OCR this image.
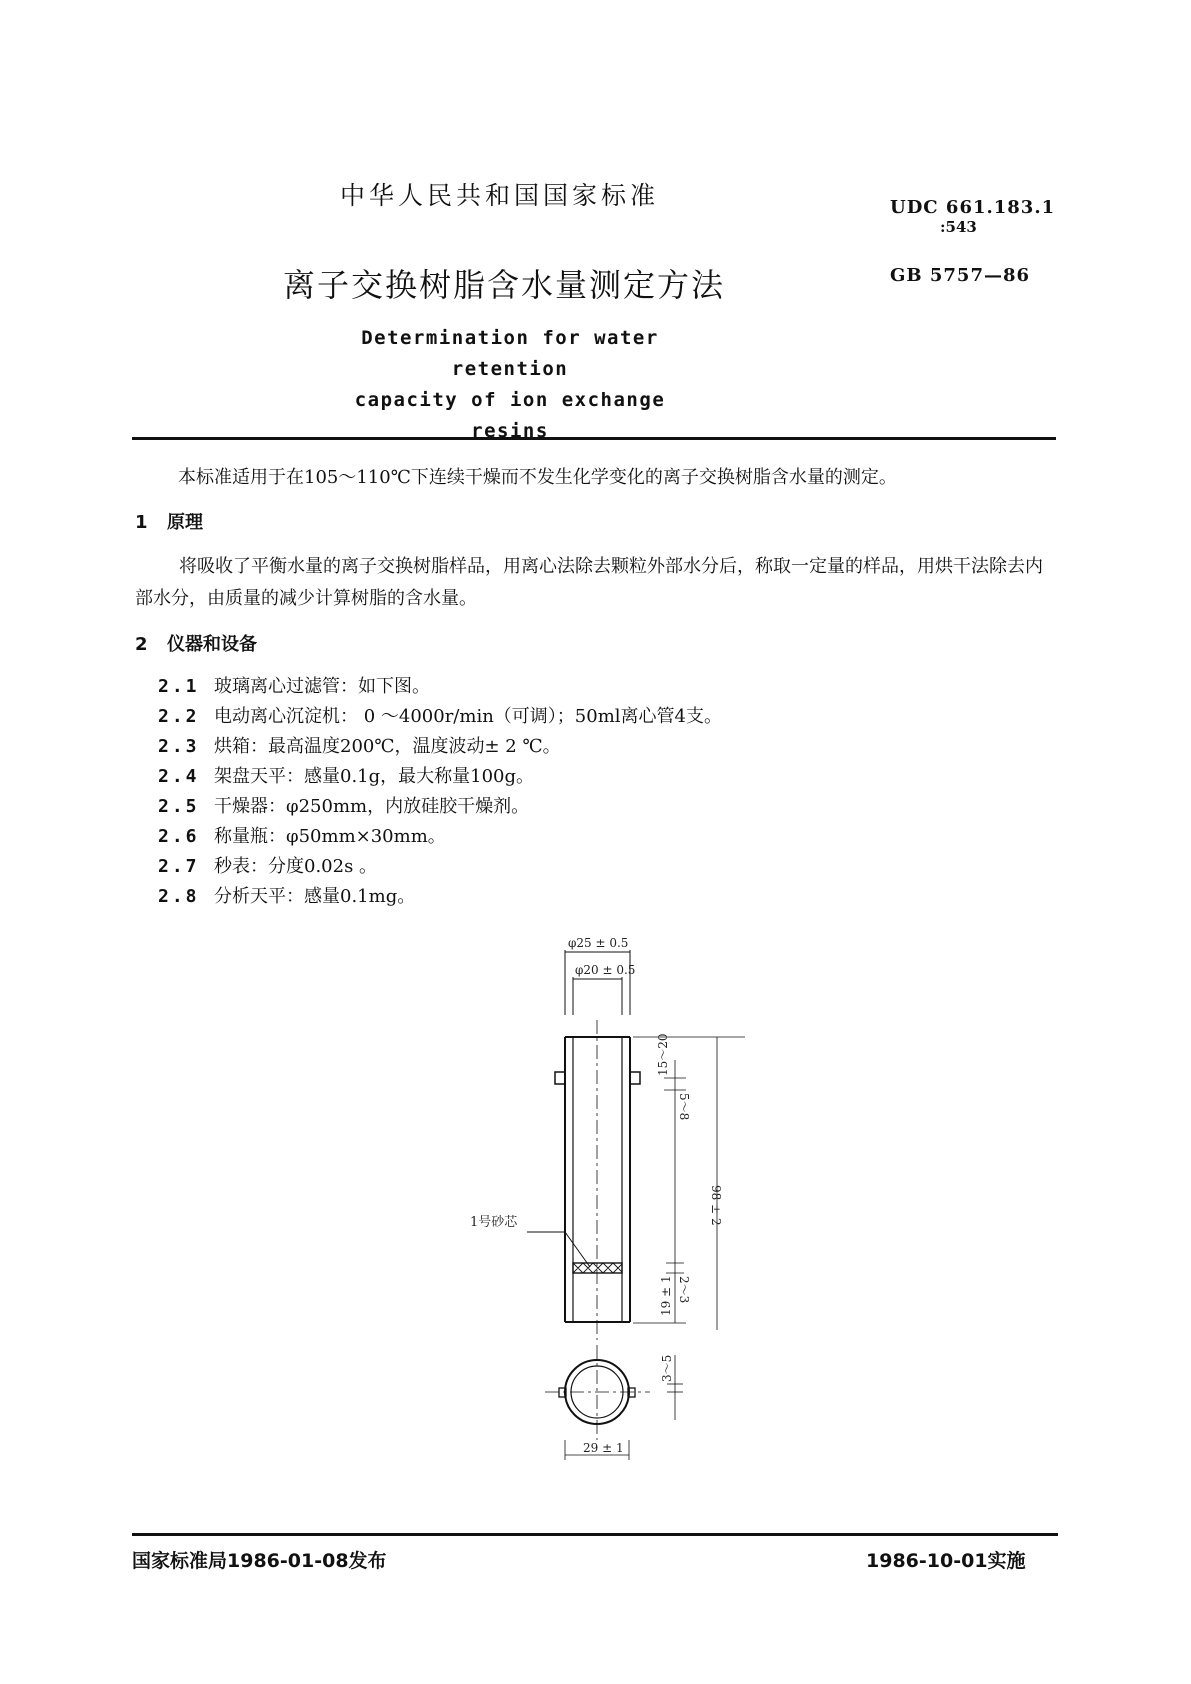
中华人民共和国国家标准	UDC 661.183.1
:543
离子交换树脂含水量测定方法	GB 5757—86
Determination for water retention
capacity of ion exchange resins
本标准适用于在105～110℃下连续干燥而不发生化学变化的离子交换树脂含水量的测定。
1 原理
将吸收了平衡水量的离子交换树脂样品，用离心法除去颗粒外部水分后，称取一定量的样品，用烘干法除去内部水分，由质量的减少计算树脂的含水量。
2 仪器和设备
2.1 玻璃离心过滤管：如下图。
2.2 电动离心沉淀机： 0 ～4000r/min（可调）；50ml离心管4支。
2.3 烘箱：最高温度200℃，温度波动± 2 ℃。
2.4 架盘天平：感量0.1g，最大称量100g。
2.5 干燥器：φ250mm，内放硅胶干燥剂。
2.6 称量瓶：φ50mm×30mm。
2.7 秒表：分度0.02s 。
2.8 分析天平：感量0.1mg。
φ25 ± 0.5
φ20 ± 0.5
1号砂芯
29 ± 1
15～20
5～8
98 ± 2
2～3
19 ± 1
3～5
国家标准局1986-01-08发布	1986-10-01实施
